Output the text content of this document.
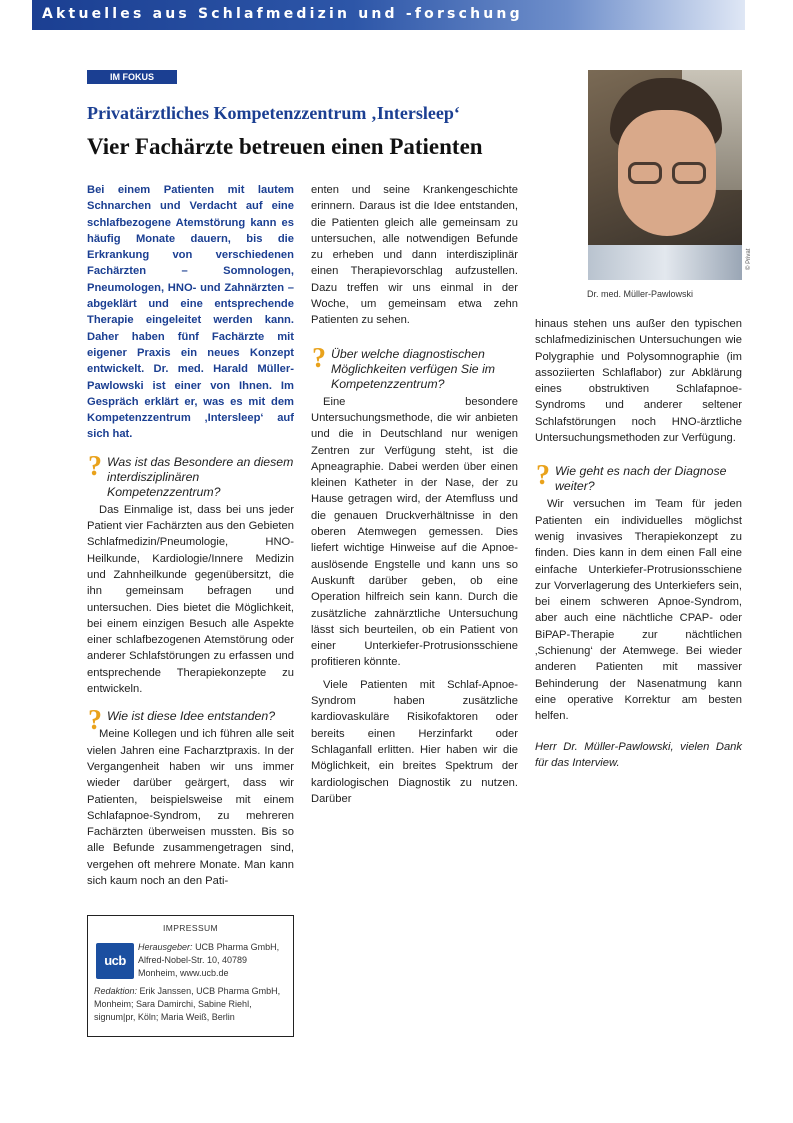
Aktuelles aus Schlafmedizin und -forschung
IM FOKUS
Privatärztliches Kompetenzzentrum ‚Intersleep‘
Vier Fachärzte betreuen einen Patienten
© Privat
Dr. med. Müller-Pawlowski

Bei einem Patienten mit lautem Schnarchen und Verdacht auf eine schlafbezogene Atemstörung kann es häufig Monate dauern, bis die Erkrankung von verschiedenen Fachärzten – Somnologen, Pneumologen, HNO- und Zahnärzten – abgeklärt und eine entsprechende Therapie eingeleitet werden kann. Daher haben fünf Fachärzte mit eigener Praxis ein neues Konzept entwickelt. Dr. med. Harald Müller-Pawlowski ist einer von Ihnen. Im Gespräch erklärt er, was es mit dem Kompetenzzentrum ‚Intersleep‘ auf sich hat.

? Was ist das Besondere an diesem interdisziplinären Kompetenzzentrum?

Das Einmalige ist, dass bei uns jeder Patient vier Fachärzten aus den Gebieten Schlafmedizin/Pneumologie, HNO-Heilkunde, Kardiologie/Innere Medizin und Zahnheilkunde gegenübersitzt, die ihn gemeinsam befragen und untersuchen. Dies bietet die Möglichkeit, bei einem einzigen Besuch alle Aspekte einer schlafbezogenen Atemstörung oder anderer Schlafstörungen zu erfassen und entsprechende Therapiekonzepte zu entwickeln.

? Wie ist diese Idee entstanden?

Meine Kollegen und ich führen alle seit vielen Jahren eine Facharztpraxis. In der Vergangenheit haben wir uns immer wieder darüber geärgert, dass wir Patienten, beispielsweise mit einem Schlafapnoe-Syndrom, zu mehreren Fachärzten überweisen mussten. Bis so alle Befunde zusammengetragen sind, vergehen oft mehrere Monate. Man kann sich kaum noch an den Pati-

enten und seine Krankengeschichte erinnern. Daraus ist die Idee entstanden, die Patienten gleich alle gemeinsam zu untersuchen, alle notwendigen Befunde zu erheben und dann interdisziplinär einen Therapievorschlag aufzustellen. Dazu treffen wir uns einmal in der Woche, um gemeinsam etwa zehn Patienten zu sehen.

? Über welche diagnostischen Möglichkeiten verfügen Sie im Kompetenzzentrum?

Eine besondere Untersuchungsmethode, die wir anbieten und die in Deutschland nur wenigen Zentren zur Verfügung steht, ist die Apneagraphie. Dabei werden über einen kleinen Katheter in der Nase, der zu Hause getragen wird, der Atemfluss und die genauen Druckverhältnisse in den oberen Atemwegen gemessen. Dies liefert wichtige Hinweise auf die Apnoe-auslösende Engstelle und kann uns so Auskunft darüber geben, ob eine Operation hilfreich sein kann. Durch die zusätzliche zahnärztliche Untersuchung lässt sich beurteilen, ob ein Patient von einer Unterkiefer-Protrusionsschiene profitieren könnte.

Viele Patienten mit Schlaf-Apnoe-Syndrom haben zusätzliche kardiovaskuläre Risikofaktoren oder bereits einen Herzinfarkt oder Schlaganfall erlitten. Hier haben wir die Möglichkeit, ein breites Spektrum der kardiologischen Diagnostik zu nutzen. Darüber

hinaus stehen uns außer den typischen schlafmedizinischen Untersuchungen wie Polygraphie und Polysomnographie (im assoziierten Schlaflabor) zur Abklärung eines obstruktiven Schlafapnoe-Syndroms und anderer seltener Schlafstörungen noch HNO-ärztliche Untersuchungsmethoden zur Verfügung.

? Wie geht es nach der Diagnose weiter?

Wir versuchen im Team für jeden Patienten ein individuelles möglichst wenig invasives Therapiekonzept zu finden. Dies kann in dem einen Fall eine einfache Unterkiefer-Protrusionsschiene zur Vorverlagerung des Unterkiefers sein, bei einem schweren Apnoe-Syndrom, aber auch eine nächtliche CPAP- oder BiPAP-Therapie zur nächtlichen ‚Schienung‘ der Atemwege. Bei wieder anderen Patienten mit massiver Behinderung der Nasenatmung kann eine operative Korrektur am besten helfen.

Herr Dr. Müller-Pawlowski, vielen Dank für das Interview.

IMPRESSUM
ucb
Herausgeber: UCB Pharma GmbH, Alfred-Nobel-Str. 10, 40789 Monheim, www.ucb.de
Redaktion: Erik Janssen, UCB Pharma GmbH, Monheim; Sara Damirchi, Sabine Riehl, signum|pr, Köln; Maria Weiß, Berlin
